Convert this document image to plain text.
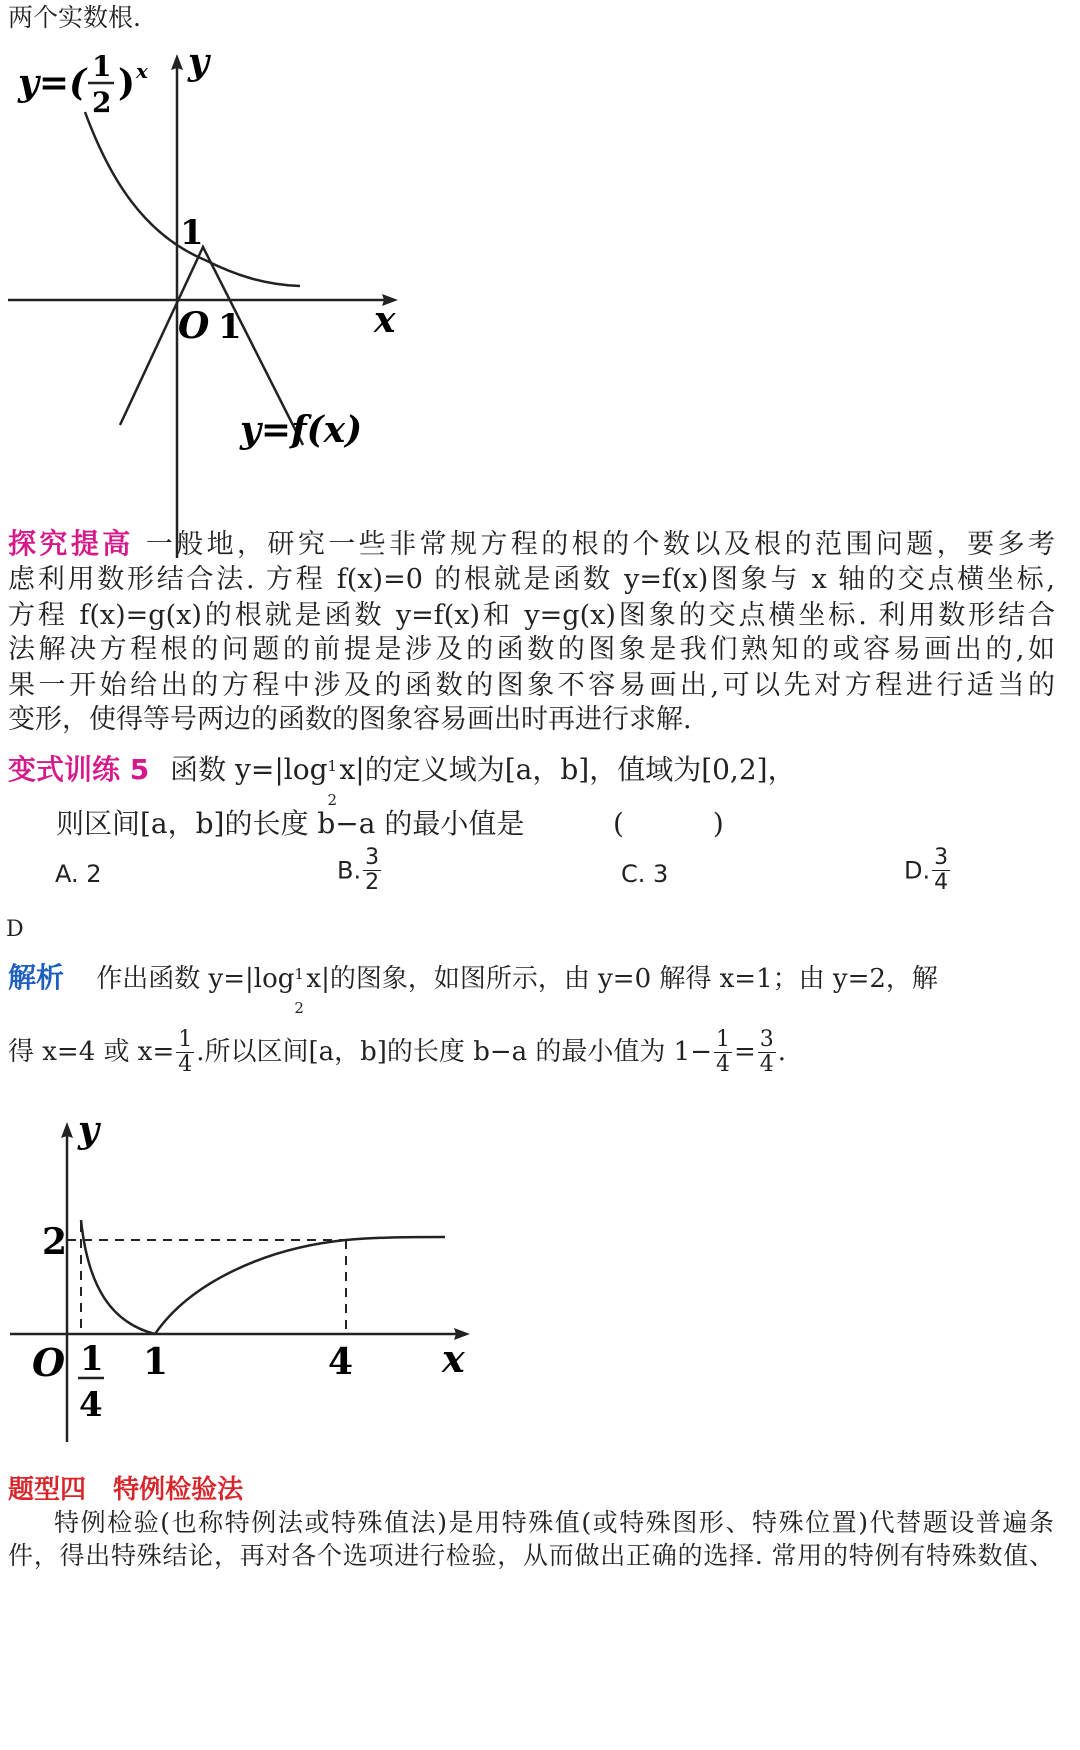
两个实数根.
y=( 1
2 ) x y
1
O 1	x
y=f(x)
探究提高 一般地，研究一些非常规方程的根的个数以及根的范围问题，要多考
虑利用数形结合法. 方程 f(x)=0 的根就是函数 y=f(x)图象与 x 轴的交点横坐标,
方程 f(x)=g(x)的根就是函数 y=f(x)和 y=g(x)图象的交点横坐标. 利用数形结合
法解决方程根的问题的前提是涉及的函数的图象是我们熟知的或容易画出的,如
果一开始给出的方程中涉及的函数的图象不容易画出,可以先对方程进行适当的
变形，使得等号两边的函数的图象容易画出时再进行求解.
变式训练 5 函数 y=|log 1
2
x|的定义域为[a，b]，值域为[0,2]，
则区间[a，b]的长度 b−a 的最小值是	(          )
A. 2	B. $\frac{3}{2}$	C. 3	D. $\frac{3}{4}$
D
解析 作出函数 y=|log 1
2
x|的图象，如图所示，由 y=0 解得 x=1；由 y=2，解
得 x=4 或 $x= \frac{1}{4}$ .所以区间[a，b]的长度 b−a 的最小值为 $1- \frac{1}{4} = \frac{3}{4}$ .
y
2
O 1
4
1	4 x
题型四   特例检验法
特例检验(也称特例法或特殊值法)是用特殊值(或特殊图形、特殊位置)代替题设普遍条
件，得出特殊结论，再对各个选项进行检验，从而做出正确的选择. 常用的特例有特殊数值、
